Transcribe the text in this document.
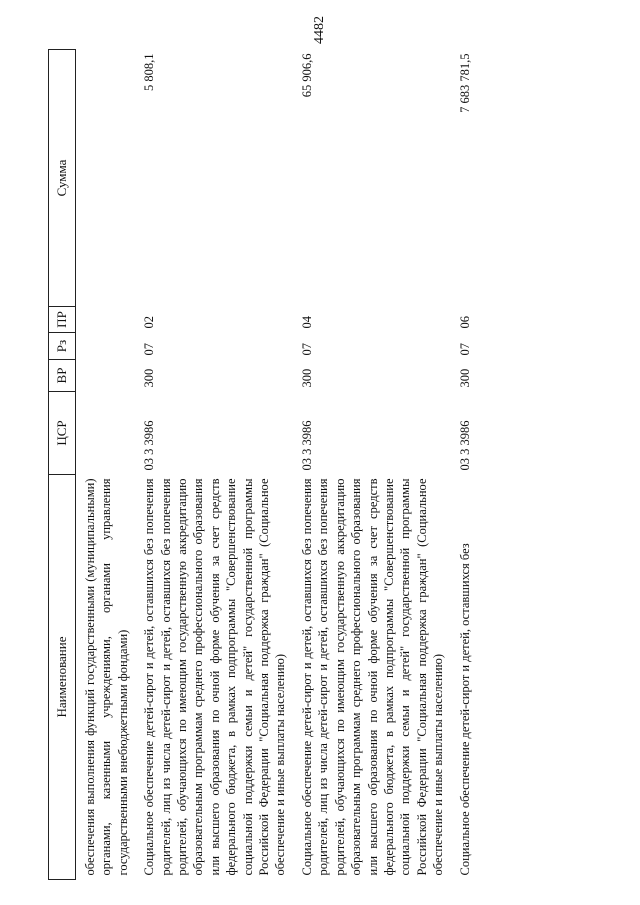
4482
Наименование	ЦСР	ВР	Рз	ПР	Сумма
обеспечения выполнения функций государственными (муниципальными) органами, казенными учреждениями, органами управления государственными внебюджетными фондами)					

Социальное обеспечение детей-сирот и детей, оставшихся без попечения родителей, лиц из числа детей-сирот и детей, оставшихся без попечения родителей, обучающихся по имеющим государственную аккредитацию образовательным программам среднего профессионального образования или высшего образования по очной форме обучения за счет средств федерального бюджета, в рамках подпрограммы "Совершенствование социальной поддержки семьи и детей" государственной программы Российской Федерации "Социальная поддержка граждан" (Социальное обеспечение и иные выплаты населению)	03 3 3986	300	07	02	5 808,1

Социальное обеспечение детей-сирот и детей, оставшихся без попечения родителей, лиц из числа детей-сирот и детей, оставшихся без попечения родителей, обучающихся по имеющим государственную аккредитацию образовательным программам среднего профессионального образования или высшего образования по очной форме обучения за счет средств федерального бюджета, в рамках подпрограммы "Совершенствование социальной поддержки семьи и детей" государственной программы Российской Федерации "Социальная поддержка граждан" (Социальное обеспечение и иные выплаты населению)	03 3 3986	300	07	04	65 906,6

Социальное обеспечение детей-сирот и детей, оставшихся без	03 3 3986	300	07	06	7 683 781,5
